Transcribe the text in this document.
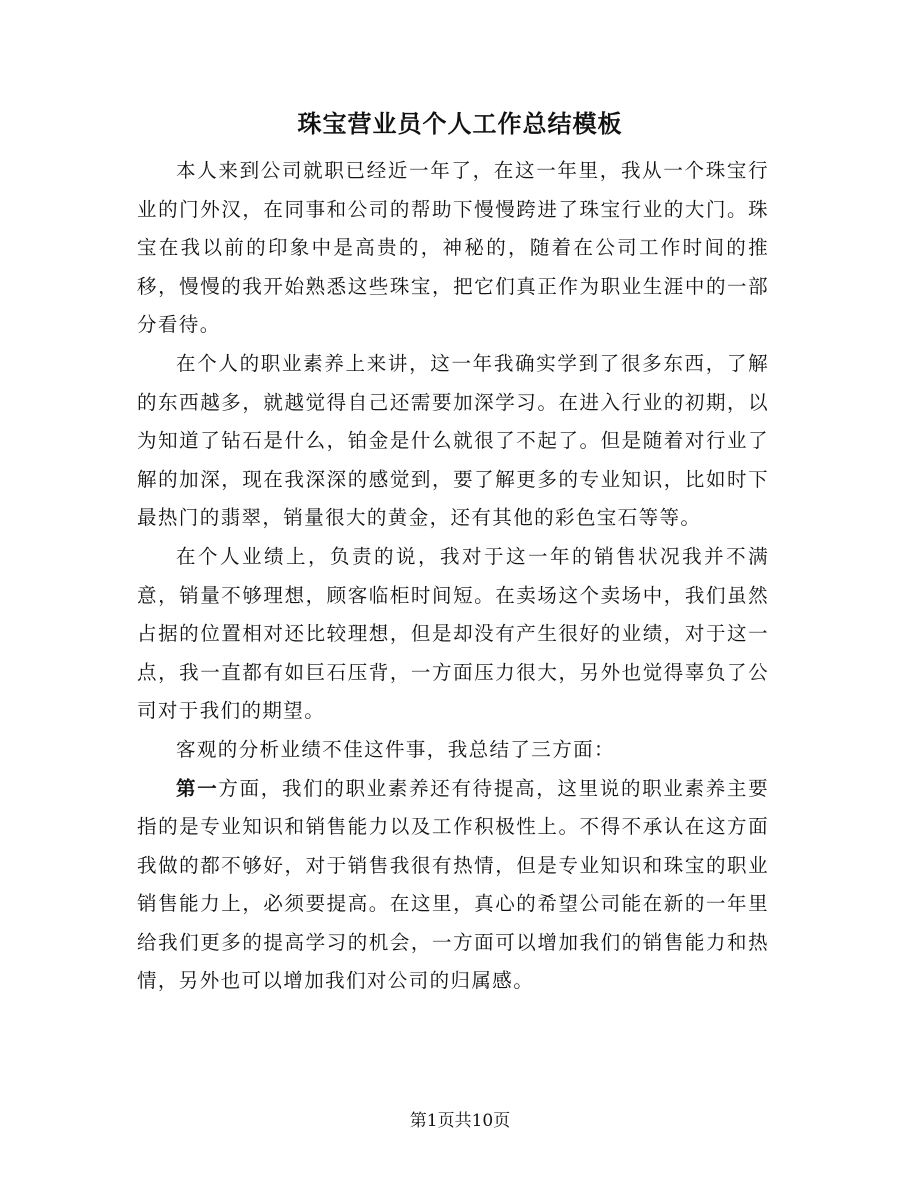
珠宝营业员个人工作总结模板

本人来到公司就职已经近一年了，在这一年里，我从一个珠宝行业的门外汉，在同事和公司的帮助下慢慢跨进了珠宝行业的大门。珠宝在我以前的印象中是高贵的，神秘的，随着在公司工作时间的推移，慢慢的我开始熟悉这些珠宝，把它们真正作为职业生涯中的一部分看待。

在个人的职业素养上来讲，这一年我确实学到了很多东西，了解的东西越多，就越觉得自己还需要加深学习。在进入行业的初期，以为知道了钻石是什么，铂金是什么就很了不起了。但是随着对行业了解的加深，现在我深深的感觉到，要了解更多的专业知识，比如时下最热门的翡翠，销量很大的黄金，还有其他的彩色宝石等等。

在个人业绩上，负责的说，我对于这一年的销售状况我并不满意，销量不够理想，顾客临柜时间短。在卖场这个卖场中，我们虽然占据的位置相对还比较理想，但是却没有产生很好的业绩，对于这一点，我一直都有如巨石压背，一方面压力很大，另外也觉得辜负了公司对于我们的期望。

客观的分析业绩不佳这件事，我总结了三方面：

第一方面，我们的职业素养还有待提高，这里说的职业素养主要指的是专业知识和销售能力以及工作积极性上。不得不承认在这方面我做的都不够好，对于销售我很有热情，但是专业知识和珠宝的职业销售能力上，必须要提高。在这里，真心的希望公司能在新的一年里给我们更多的提高学习的机会，一方面可以增加我们的销售能力和热情，另外也可以增加我们对公司的归属感。

第1页共10页
